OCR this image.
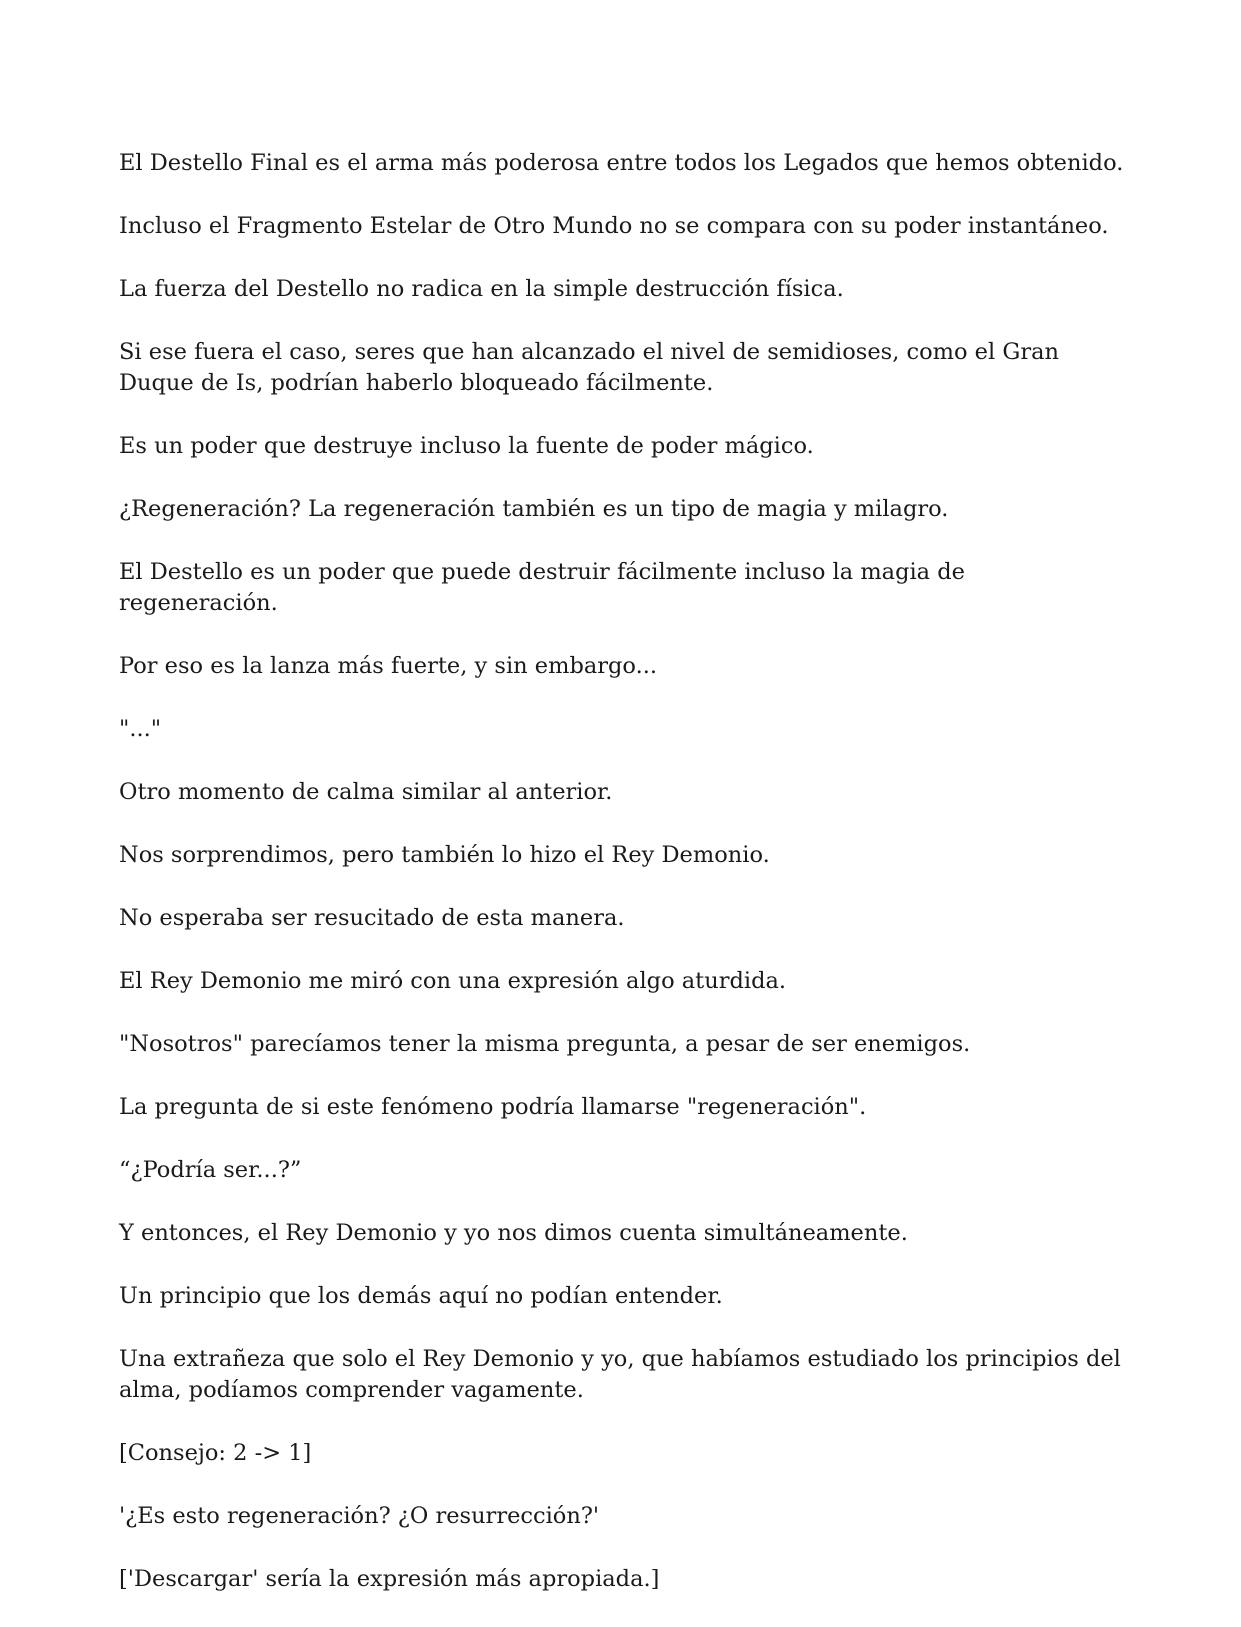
El Destello Final es el arma más poderosa entre todos los Legados que hemos obtenido.

Incluso el Fragmento Estelar de Otro Mundo no se compara con su poder instantáneo.

La fuerza del Destello no radica en la simple destrucción física.

Si ese fuera el caso, seres que han alcanzado el nivel de semidioses, como el Gran Duque de Is, podrían haberlo bloqueado fácilmente.

Es un poder que destruye incluso la fuente de poder mágico.

¿Regeneración? La regeneración también es un tipo de magia y milagro.

El Destello es un poder que puede destruir fácilmente incluso la magia de regeneración.

Por eso es la lanza más fuerte, y sin embargo...

"..."

Otro momento de calma similar al anterior.

Nos sorprendimos, pero también lo hizo el Rey Demonio.

No esperaba ser resucitado de esta manera.

El Rey Demonio me miró con una expresión algo aturdida.

"Nosotros" parecíamos tener la misma pregunta, a pesar de ser enemigos.

La pregunta de si este fenómeno podría llamarse "regeneración".

“¿Podría ser...?”

Y entonces, el Rey Demonio y yo nos dimos cuenta simultáneamente.

Un principio que los demás aquí no podían entender.

Una extrañeza que solo el Rey Demonio y yo, que habíamos estudiado los principios del alma, podíamos comprender vagamente.

[Consejo: 2 -> 1]

'¿Es esto regeneración? ¿O resurrección?'

['Descargar' sería la expresión más apropiada.]
